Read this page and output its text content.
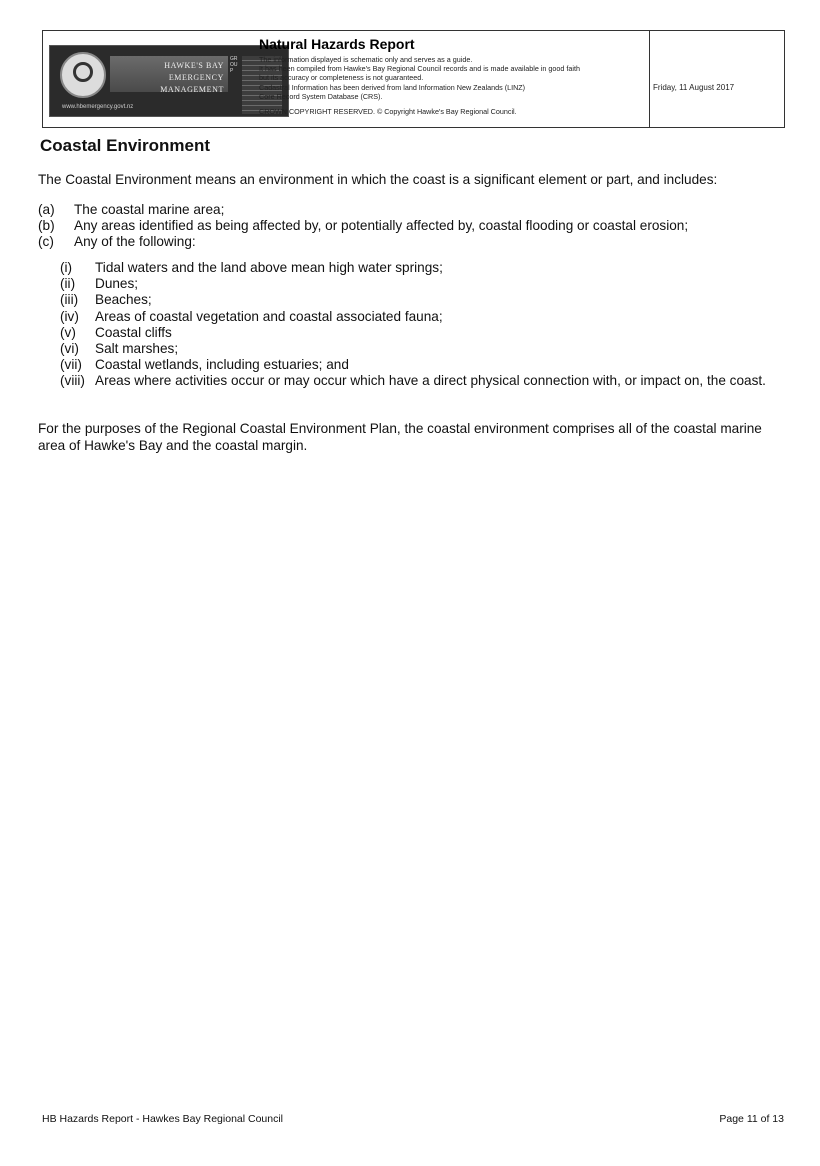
HAWKE'S BAY
EMERGENCY MANAGEMENT
GROUP
www.hbemergency.govt.nz
Natural Hazards Report
The information displayed is schematic only and serves as a guide.
It has been compiled from Hawke's Bay Regional Council records and is made available in good faith
but its accuracy or completeness is not guaranteed.
Cadastral Information has been derived from land Information New Zealands (LINZ)
Core Record System Database (CRS).
CROWN COPYRIGHT RESERVED. © Copyright Hawke's Bay Regional Council.
Friday, 11 August 2017
Coastal Environment

The Coastal Environment means an environment in which the coast is a significant element or part, and includes:

(a) The coastal marine area;
(b) Any areas identified as being affected by, or potentially affected by, coastal flooding or coastal erosion;
(c) Any of the following:
(i) Tidal waters and the land above mean high water springs;
(ii) Dunes;
(iii) Beaches;
(iv) Areas of coastal vegetation and coastal associated fauna;
(v) Coastal cliffs
(vi) Salt marshes;
(vii) Coastal wetlands, including estuaries; and
(viii) Areas where activities occur or may occur which have a direct physical connection with, or impact on, the coast.

For the purposes of the Regional Coastal Environment Plan, the coastal environment comprises all of the coastal marine area of Hawke's Bay and the coastal margin.

HB Hazards Report - Hawkes Bay Regional Council	Page 11 of 13
